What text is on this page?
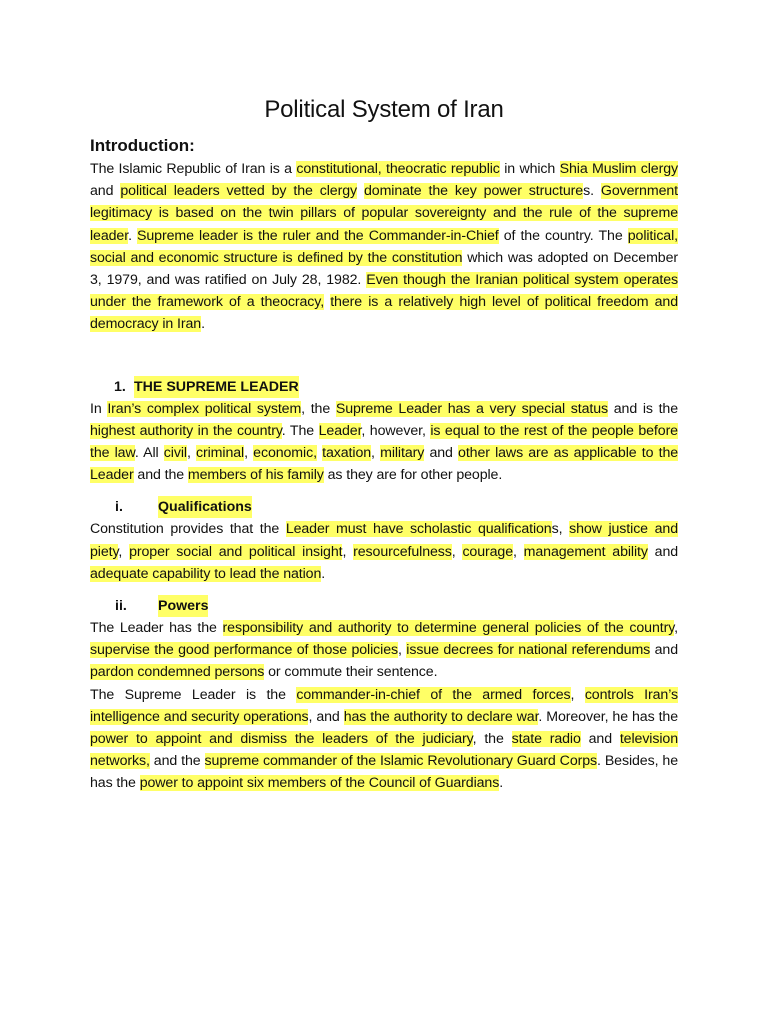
Political System of Iran
Introduction:

The Islamic Republic of Iran is a constitutional, theocratic republic in which Shia Muslim clergy and political leaders vetted by the clergy dominate the key power structures. Government legitimacy is based on the twin pillars of popular sovereignty and the rule of the supreme leader. Supreme leader is the ruler and the Commander-in-Chief of the country. The political, social and economic structure is defined by the constitution which was adopted on December 3, 1979, and was ratified on July 28, 1982. Even though the Iranian political system operates under the framework of a theocracy, there is a relatively high level of political freedom and democracy in Iran.

1. THE SUPREME LEADER

In Iran’s complex political system, the Supreme Leader has a very special status and is the highest authority in the country. The Leader, however, is equal to the rest of the people before the law. All civil, criminal, economic, taxation, military and other laws are as applicable to the Leader and the members of his family as they are for other people.

i.	Qualifications

Constitution provides that the Leader must have scholastic qualifications, show justice and piety, proper social and political insight, resourcefulness, courage, management ability and adequate capability to lead the nation.

ii.	Powers

The Leader has the responsibility and authority to determine general policies of the country, supervise the good performance of those policies, issue decrees for national referendums and pardon condemned persons or commute their sentence.

The Supreme Leader is the commander-in-chief of the armed forces, controls Iran’s intelligence and security operations, and has the authority to declare war. Moreover, he has the power to appoint and dismiss the leaders of the judiciary, the state radio and television networks, and the supreme commander of the Islamic Revolutionary Guard Corps. Besides, he has the power to appoint six members of the Council of Guardians.
